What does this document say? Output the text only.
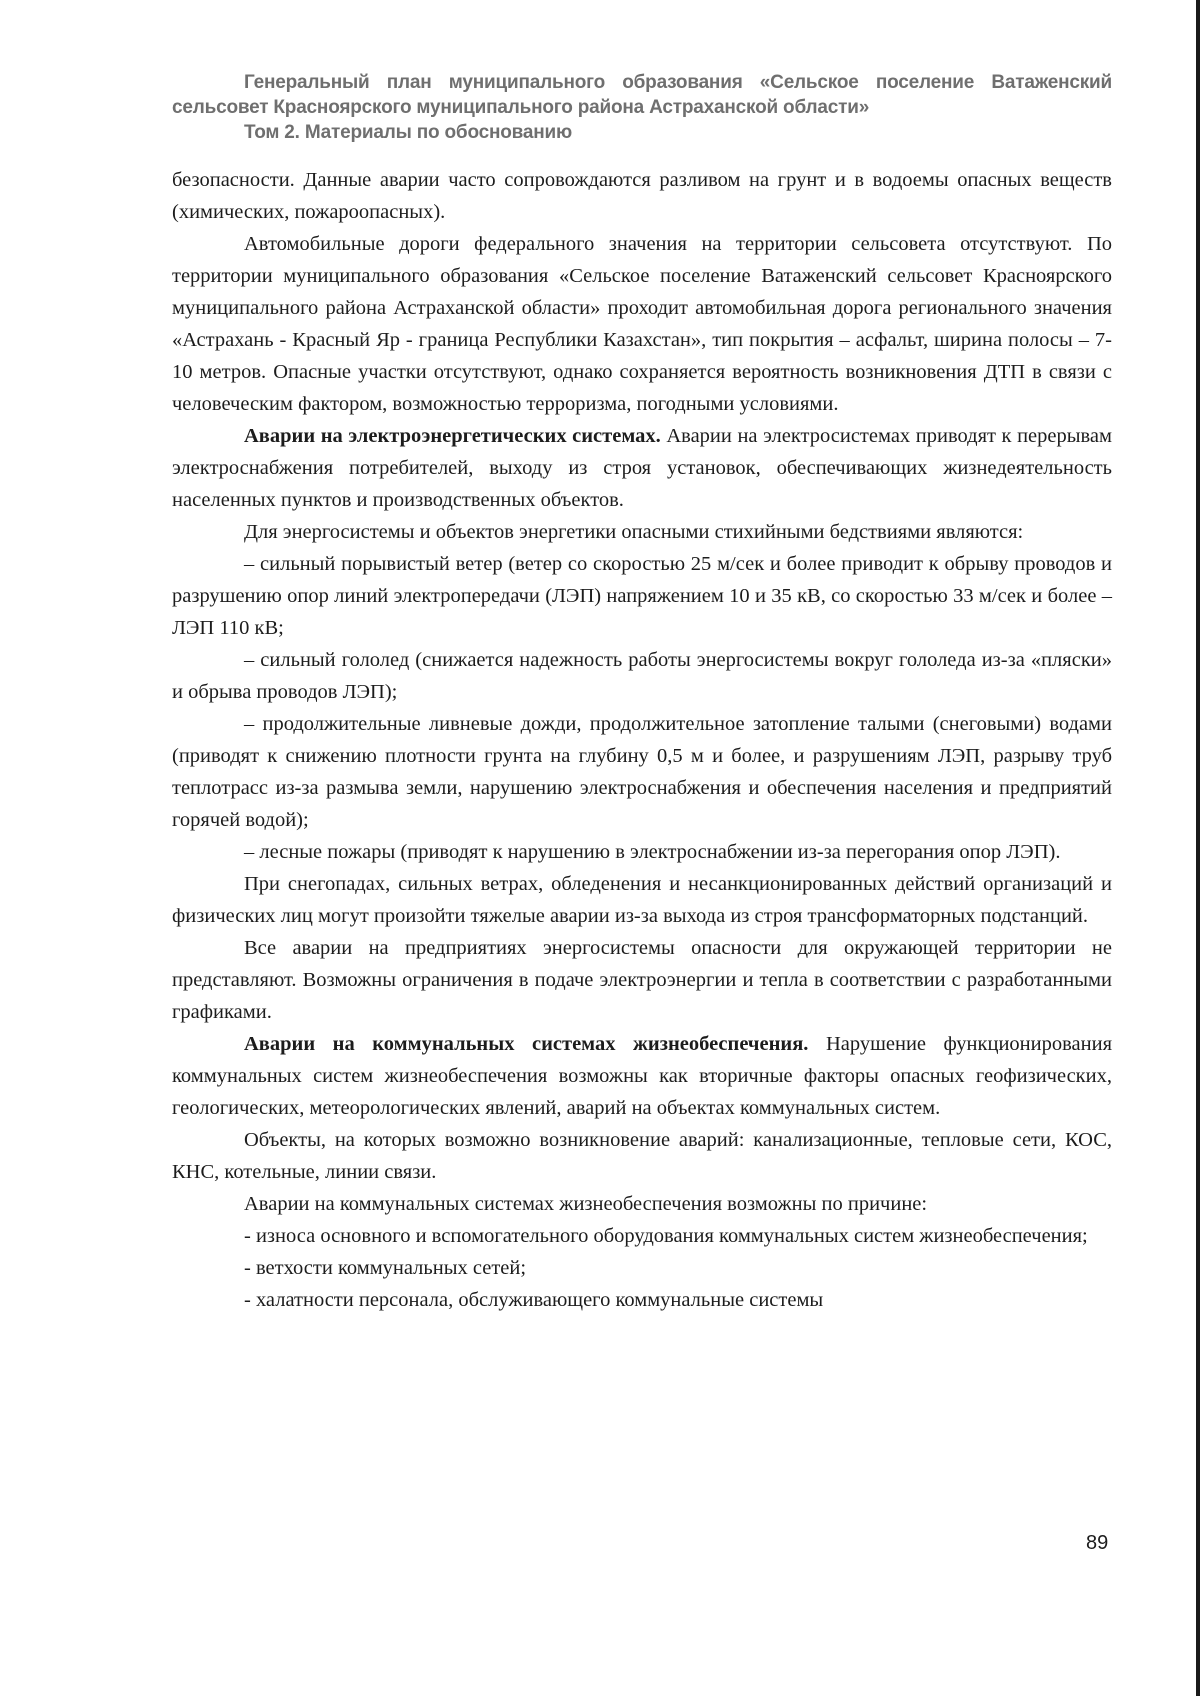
Генеральный план муниципального образования «Сельское поселение Ватаженский
сельсовет Красноярского муниципального района Астраханской области»
Том 2. Материалы по обоснованию

безопасности. Данные аварии часто сопровождаются разливом на грунт и в водоемы опасных веществ (химических, пожароопасных).

Автомобильные дороги федерального значения на территории сельсовета отсутствуют. По территории муниципального образования «Сельское поселение Ватаженский сельсовет Красноярского муниципального района Астраханской области» проходит автомобильная дорога регионального значения «Астрахань - Красный Яр - граница Республики Казахстан», тип покрытия – асфальт, ширина полосы – 7-10 метров. Опасные участки отсутствуют, однако сохраняется вероятность возникновения ДТП в связи с человеческим фактором, возможностью терроризма, погодными условиями.

Аварии на электроэнергетических системах. Аварии на электросистемах приводят к перерывам электроснабжения потребителей, выходу из строя установок, обеспечивающих жизнедеятельность населенных пунктов и производственных объектов.

Для энергосистемы и объектов энергетики опасными стихийными бедствиями являются:

– сильный порывистый ветер (ветер со скоростью 25 м/сек и более приводит к обрыву проводов и разрушению опор линий электропередачи (ЛЭП) напряжением 10 и 35 кВ, со скоростью 33 м/сек и более – ЛЭП 110 кВ;

– сильный гололед (снижается надежность работы энергосистемы вокруг гололеда из-за «пляски» и обрыва проводов ЛЭП);

– продолжительные ливневые дожди, продолжительное затопление талыми (снеговыми) водами (приводят к снижению плотности грунта на глубину 0,5 м и более, и разрушениям ЛЭП, разрыву труб теплотрасс из-за размыва земли, нарушению электроснабжения и обеспечения населения и предприятий горячей водой);

– лесные пожары (приводят к нарушению в электроснабжении из-за перегорания опор ЛЭП).

При снегопадах, сильных ветрах, обледенения и несанкционированных действий организаций и физических лиц могут произойти тяжелые аварии из-за выхода из строя трансформаторных подстанций.

Все аварии на предприятиях энергосистемы опасности для окружающей территории не представляют. Возможны ограничения в подаче электроэнергии и тепла в соответствии с разработанными графиками.

Аварии на коммунальных системах жизнеобеспечения. Нарушение функционирования коммунальных систем жизнеобеспечения возможны как вторичные факторы опасных геофизических, геологических, метеорологических явлений, аварий на объектах коммунальных систем.

Объекты, на которых возможно возникновение аварий: канализационные, тепловые сети, КОС, КНС, котельные, линии связи.

Аварии на коммунальных системах жизнеобеспечения возможны по причине:

- износа основного и вспомогательного оборудования коммунальных систем жизнеобеспечения;

- ветхости коммунальных сетей;

- халатности персонала, обслуживающего коммунальные системы

89
